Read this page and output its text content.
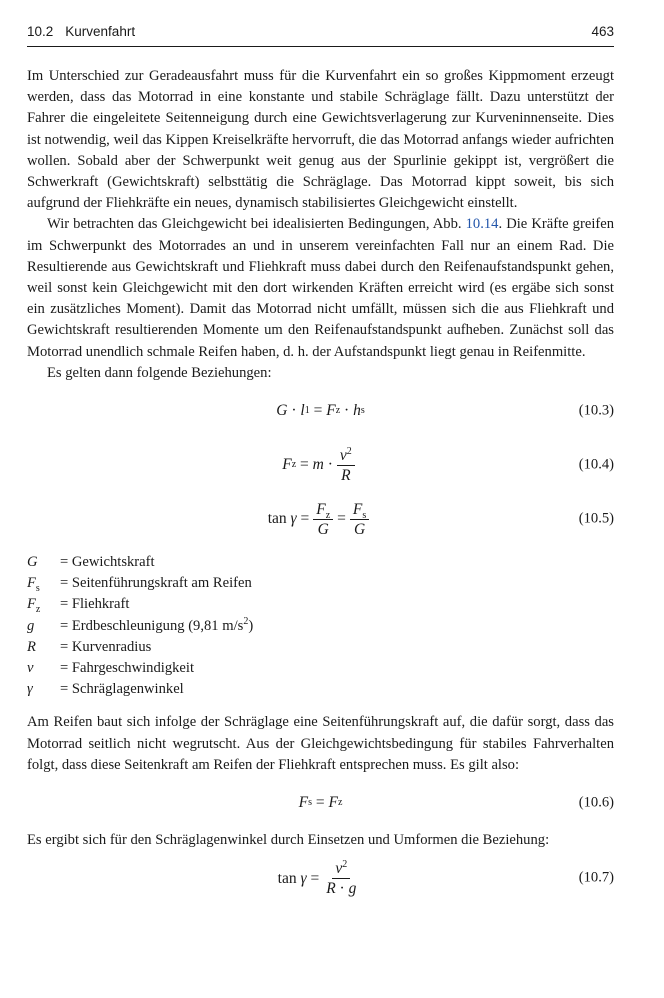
10.2 Kurvenfahrt	463

Im Unterschied zur Geradeausfahrt muss für die Kurvenfahrt ein so großes Kippmoment erzeugt werden, dass das Motorrad in eine konstante und stabile Schräglage fällt. Dazu unterstützt der Fahrer die eingeleitete Seitenneigung durch eine Gewichtsverlagerung zur Kurveninnenseite. Dies ist notwendig, weil das Kippen Kreiselkräfte hervorruft, die das Motorrad anfangs wieder aufrichten wollen. Sobald aber der Schwerpunkt weit genug aus der Spurlinie gekippt ist, vergrößert die Schwerkraft (Gewichtskraft) selbsttätig die Schräglage. Das Motorrad kippt soweit, bis sich aufgrund der Fliehkräfte ein neues, dynamisch stabilisiertes Gleichgewicht einstellt.

Wir betrachten das Gleichgewicht bei idealisierten Bedingungen, Abb. 10.14. Die Kräfte greifen im Schwerpunkt des Motorrades an und in unserem vereinfachten Fall nur an einem Rad. Die Resultierende aus Gewichtskraft und Fliehkraft muss dabei durch den Reifenaufstandspunkt gehen, weil sonst kein Gleichgewicht mit den dort wirkenden Kräften erreicht wird (es ergäbe sich sonst ein zusätzliches Moment). Damit das Motorrad nicht umfällt, müssen sich die aus Fliehkraft und Gewichtskraft resultierenden Momente um den Reifenaufstandspunkt aufheben. Zunächst soll das Motorrad unendlich schmale Reifen haben, d. h. der Aufstandspunkt liegt genau in Reifenmitte.

Es gelten dann folgende Beziehungen:

G
·
l 1
=
F z
·
h s	(10.3)
F z
=
m
· $\frac{v^2}{R}$	(10.4)
tan
γ
= $\frac{F_z}{G} = \frac{F_s}{G}$	(10.5)
G	= Gewichtskraft
$F_s$	= Seitenführungskraft am Reifen
$F_z$	= Fliehkraft
g	= Erdbeschleunigung (9,81 $m/s^2$)
R	= Kurvenradius
v	= Fahrgeschwindigkeit
γ	= Schräglagenwinkel

Am Reifen baut sich infolge der Schräglage eine Seitenführungskraft auf, die dafür sorgt, dass das Motorrad seitlich nicht wegrutscht. Aus der Gleichgewichtsbedingung für stabiles Fahrverhalten folgt, dass diese Seitenkraft am Reifen der Fliehkraft entsprechen muss. Es gilt also:

F s
=
F z	(10.6)

Es ergibt sich für den Schräglagenwinkel durch Einsetzen und Umformen die Beziehung:

tan
γ
= $\frac{v^2}{R \cdot g}$	(10.7)
